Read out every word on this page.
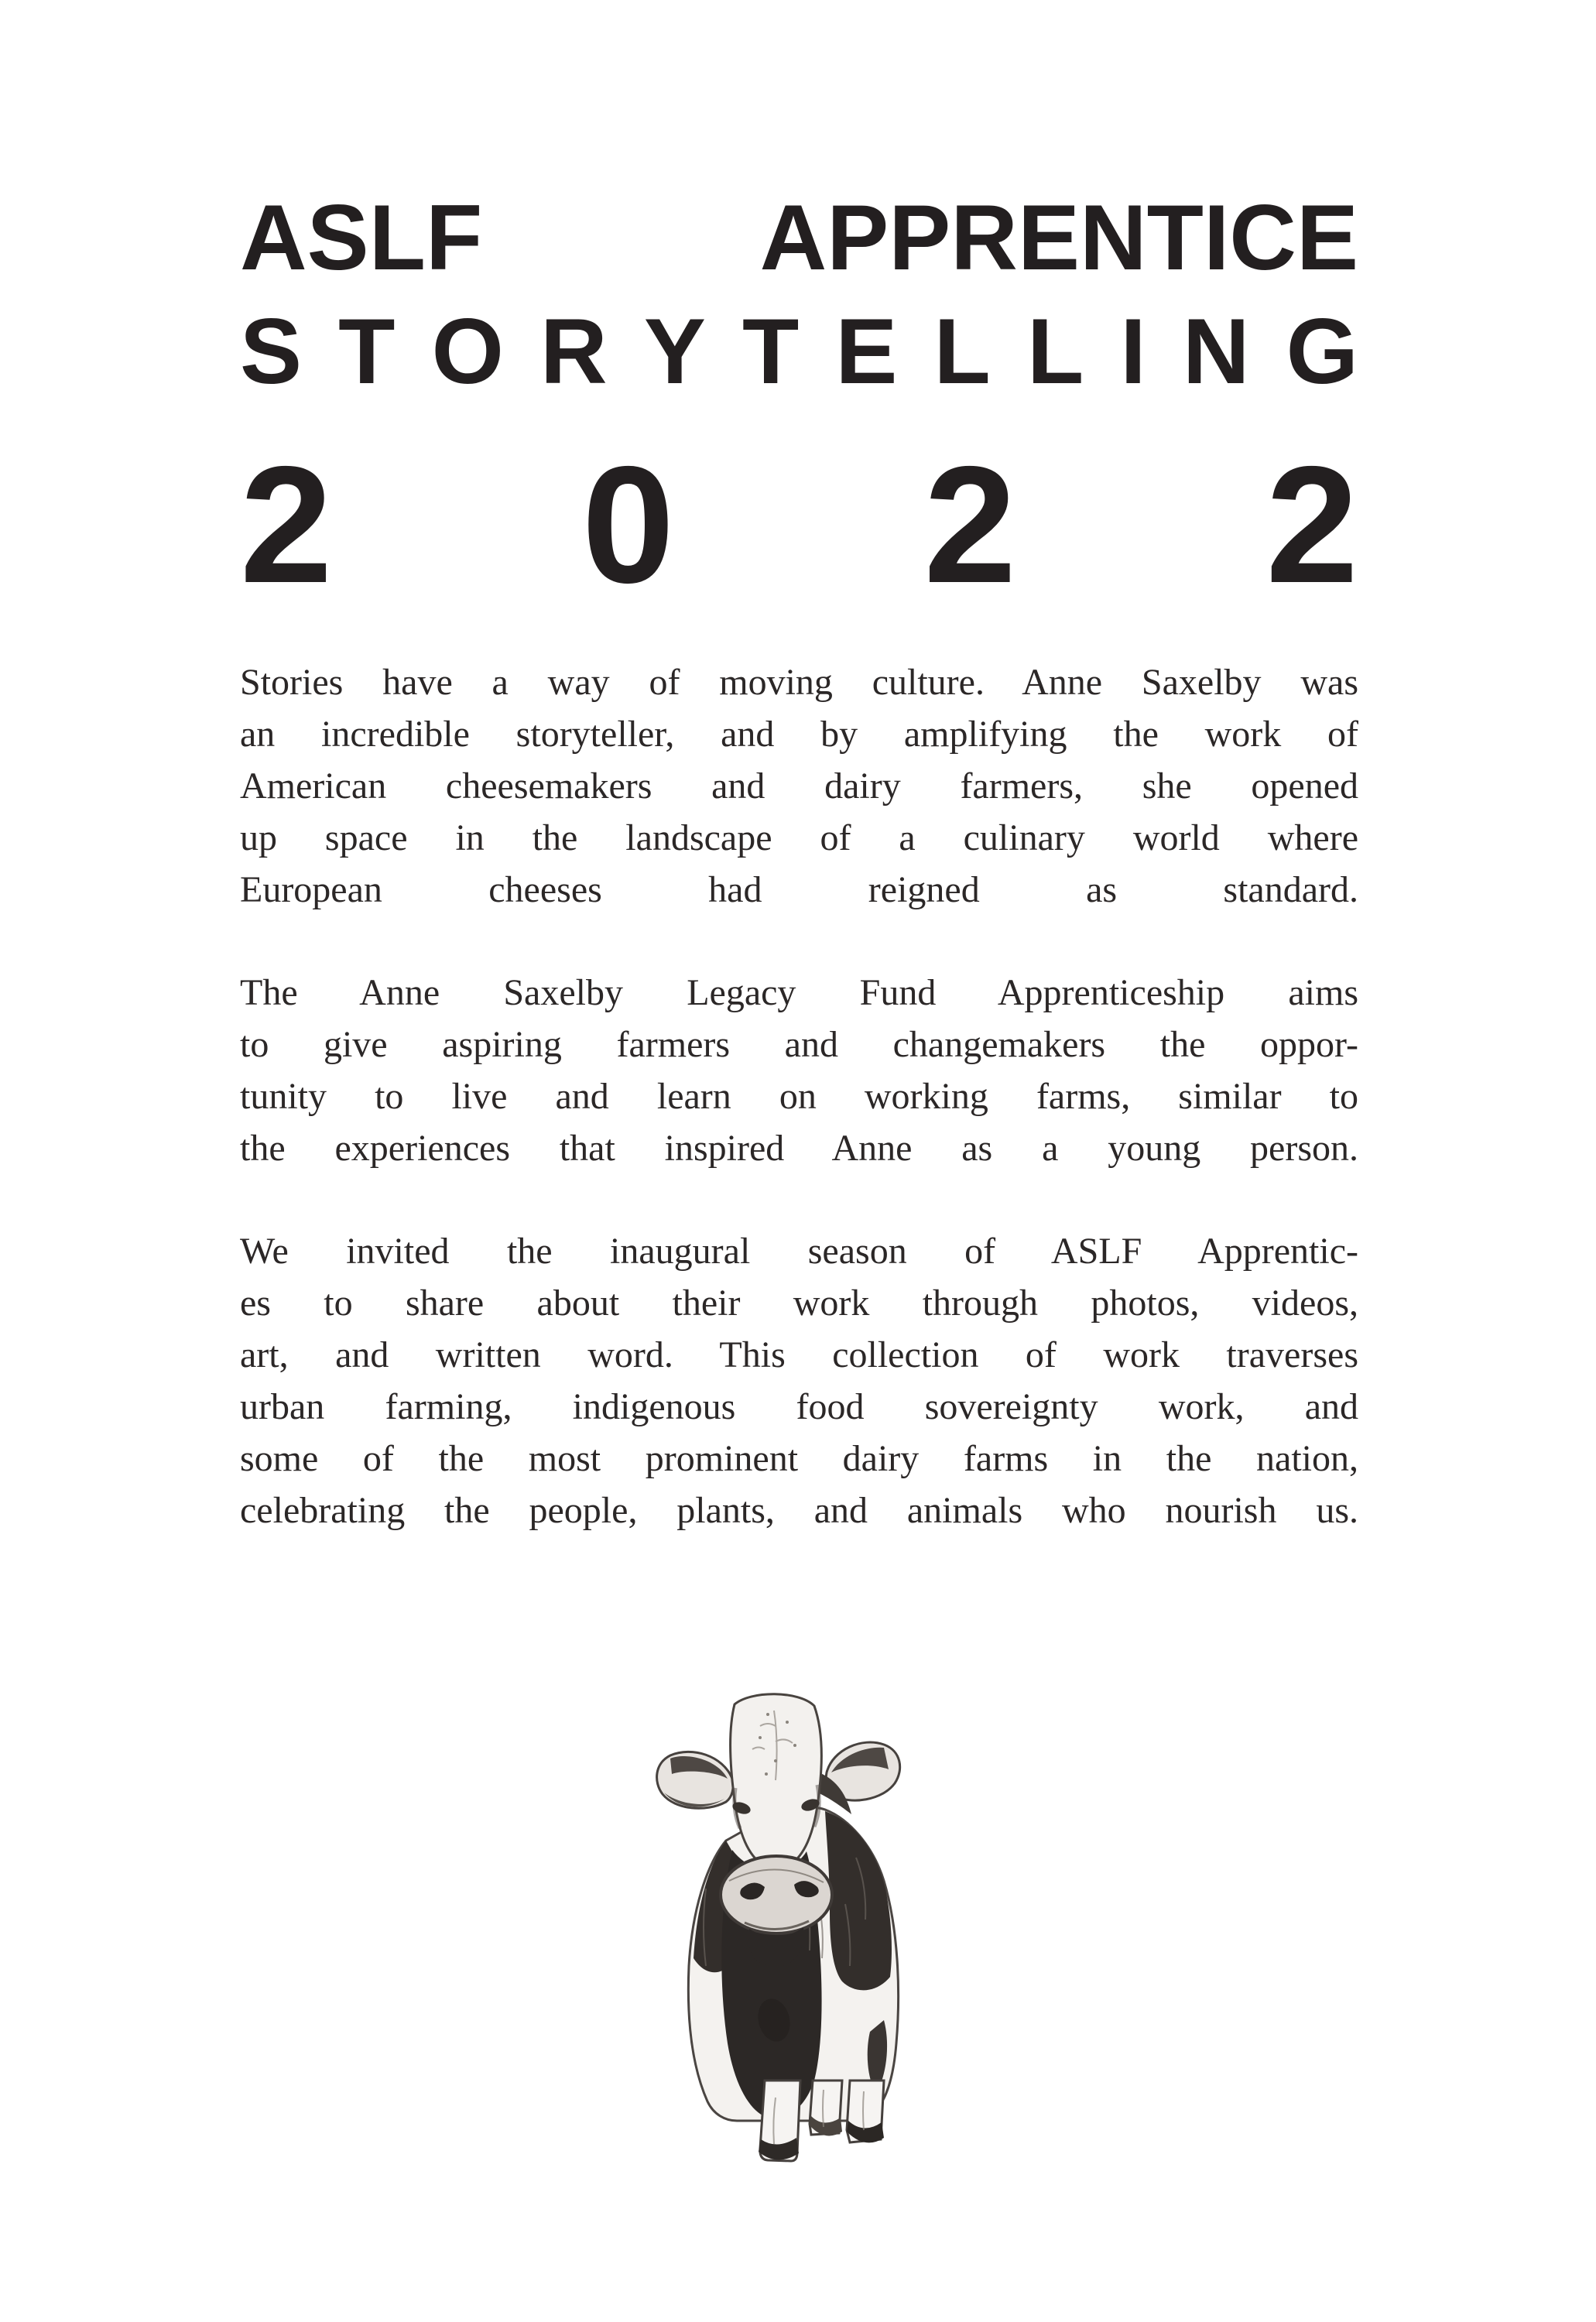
ASLF	APPRENTICE
S T O R Y T E L L I N G
2 0 2 2
Stories have a way of moving culture. Anne Saxelby was
an incredible storyteller, and by amplifying the work of
American cheesemakers and dairy farmers, she opened
up space in the landscape of a culinary world where
European cheeses had reigned as standard.
The Anne Saxelby Legacy Fund Apprenticeship aims
to give aspiring farmers and changemakers the oppor-
tunity to live and learn on working farms, similar to
the experiences that inspired Anne as a young person.
We invited the inaugural season of ASLF Apprentic-
es to share about their work through photos, videos,
art, and written word. This collection of work traverses
urban farming, indigenous food sovereignty work, and
some of the most prominent dairy farms in the nation,
celebrating the people, plants, and animals who nourish us.
